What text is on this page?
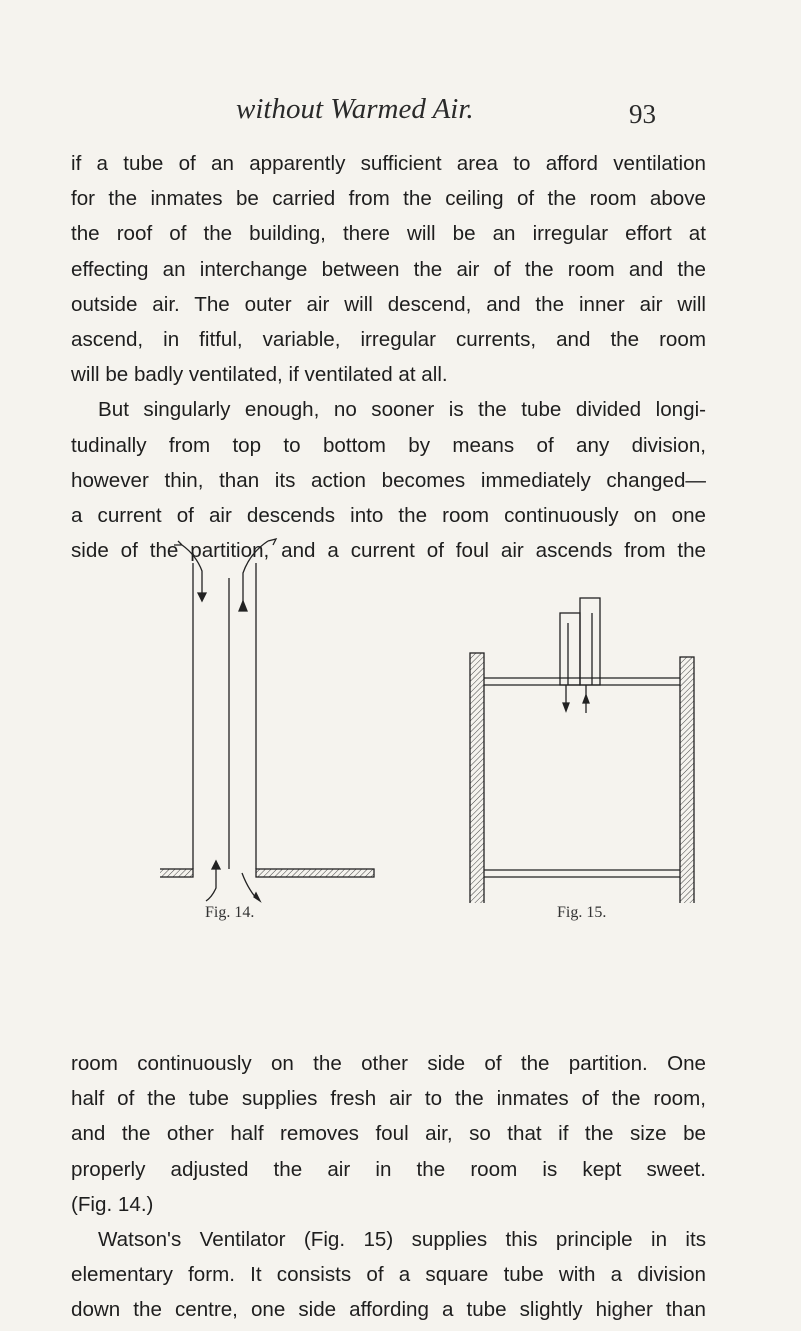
without Warmed Air.	93
if a tube of an apparently sufficient area to afford ventilation
for the inmates be carried from the ceiling of the room above
the roof of the building, there will be an irregular effort at
effecting an interchange between the air of the room and the
outside air. The outer air will descend, and the inner air will
ascend, in fitful, variable, irregular currents, and the room
will be badly ventilated, if ventilated at all.
But singularly enough, no sooner is the tube divided longi-
tudinally from top to bottom by means of any division,
however thin, than its action becomes immediately changed—
a current of air descends into the room continuously on one
side of the partition, and a current of foul air ascends from the
Fig. 14.	Fig. 15.
room continuously on the other side of the partition. One
half of the tube supplies fresh air to the inmates of the room,
and the other half removes foul air, so that if the size be
properly adjusted the air in the room is kept sweet.
(Fig. 14.)
Watson's Ventilator (Fig. 15) supplies this principle in its
elementary form. It consists of a square tube with a division
down the centre, one side affording a tube slightly higher than
